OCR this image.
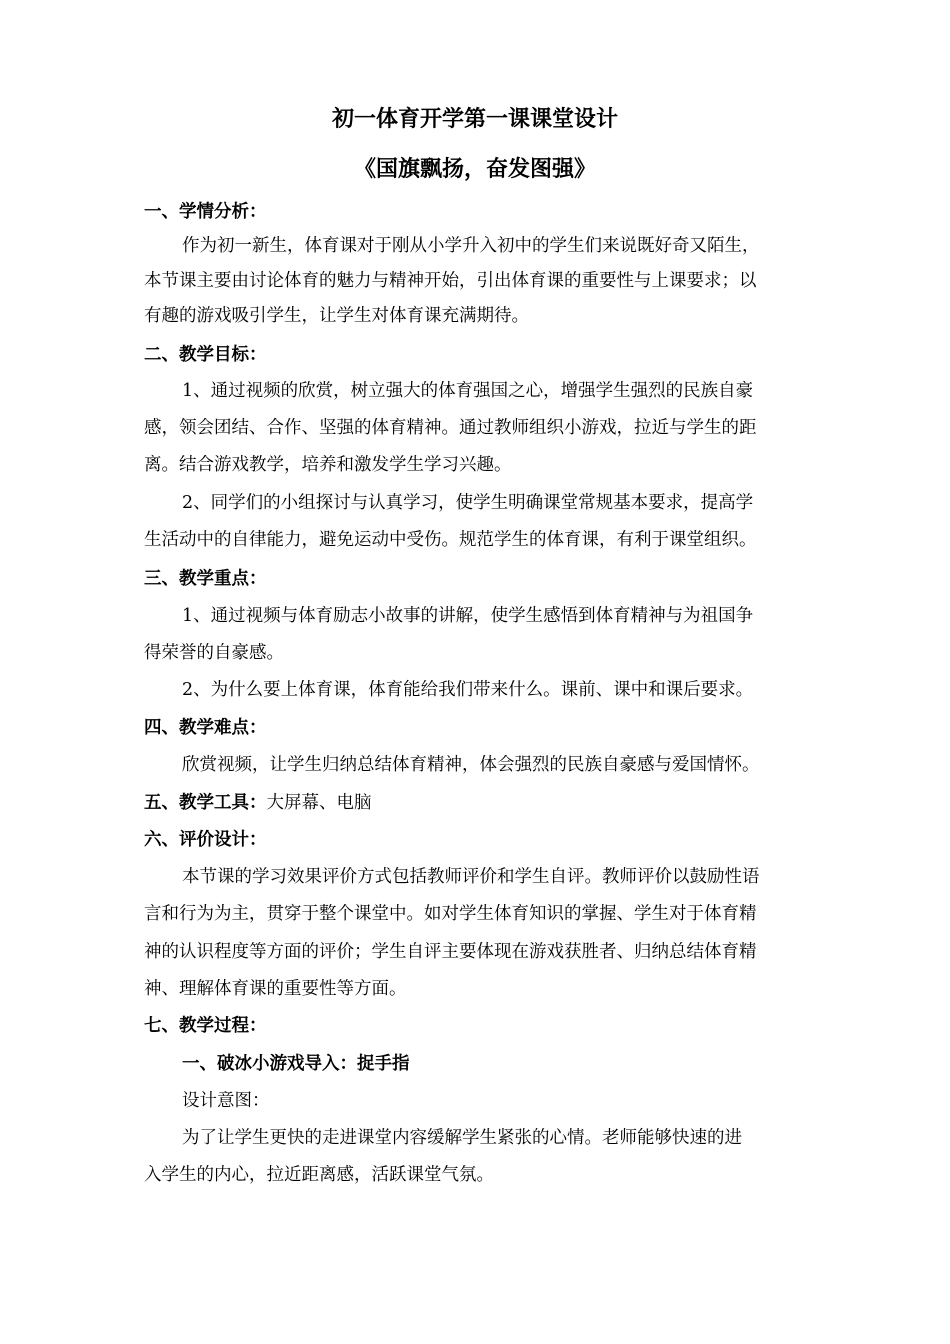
初一体育开学第一课课堂设计
《国旗飘扬，奋发图强》
一、学情分析：
作为初一新生，体育课对于刚从小学升入初中的学生们来说既好奇又陌生，
本节课主要由讨论体育的魅力与精神开始，引出体育课的重要性与上课要求；以
有趣的游戏吸引学生，让学生对体育课充满期待。
二、教学目标：
1、通过视频的欣赏，树立强大的体育强国之心，增强学生强烈的民族自豪
感，领会团结、合作、坚强的体育精神。通过教师组织小游戏，拉近与学生的距
离。结合游戏教学，培养和激发学生学习兴趣。
2、同学们的小组探讨与认真学习，使学生明确课堂常规基本要求，提高学
生活动中的自律能力，避免运动中受伤。规范学生的体育课，有利于课堂组织。
三、教学重点：
1、通过视频与体育励志小故事的讲解，使学生感悟到体育精神与为祖国争
得荣誉的自豪感。
2、为什么要上体育课，体育能给我们带来什么。课前、课中和课后要求。
四、教学难点：
欣赏视频，让学生归纳总结体育精神，体会强烈的民族自豪感与爱国情怀。
五、教学工具：大屏幕、电脑
六、评价设计：
本节课的学习效果评价方式包括教师评价和学生自评。教师评价以鼓励性语
言和行为为主，贯穿于整个课堂中。如对学生体育知识的掌握、学生对于体育精
神的认识程度等方面的评价；学生自评主要体现在游戏获胜者、归纳总结体育精
神、理解体育课的重要性等方面。
七、教学过程：
一、破冰小游戏导入：捉手指
设计意图：
为了让学生更快的走进课堂内容缓解学生紧张的心情。老师能够快速的进
入学生的内心，拉近距离感，活跃课堂气氛。
